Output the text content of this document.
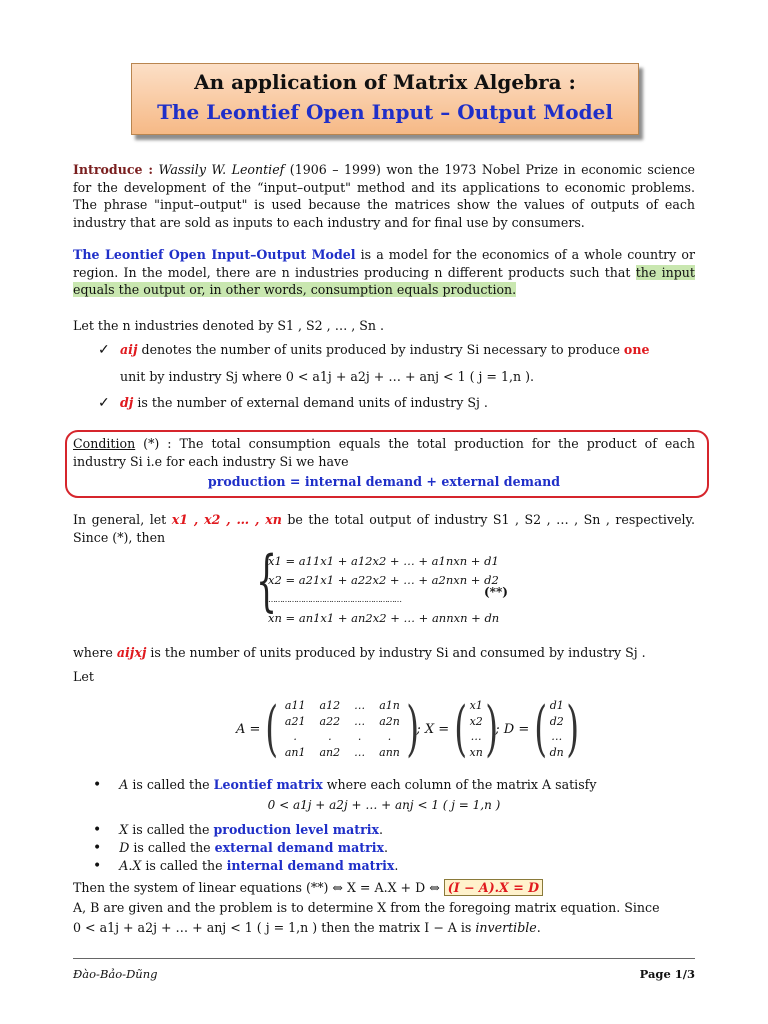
An application of Matrix Algebra :
The Leontief Open Input – Output Model

Introduce : Wassily W. Leontief (1906 – 1999) won the 1973 Nobel Prize in economic science for the development of the “input–output" method and its applications to economic problems. The phrase "input–output" is used because the matrices show the values of outputs of each industry that are sold as inputs to each industry and for final use by consumers.

The Leontief Open Input–Output Model is a model for the economics of a whole country or region. In the model, there are n industries producing n different products such that the input equals the output or, in other words, consumption equals production.

Let the n industries denoted by S1 , S2 , … , Sn .
✓ aij denotes the number of units produced by industry Si necessary to produce one
unit by industry Sj where 0 < a1j + a2j + … + anj < 1 ( j = 1,n ).
✓ dj is the number of external demand units of industry Sj .

Condition (*) : The total consumption equals the total production for the product of each industry Si i.e for each industry Si we have

production = internal demand + external demand

In general, let x1 , x2 , … , xn be the total output of industry S1 , S2 , … , Sn , respectively. Since (*), then

{
x1 = a11x1 + a12x2 + … + a1nxn + d1
x2 = a21x1 + a22x2 + … + a2nxn + d2
…………………………………………………
xn = an1x1 + an2x2 + … + annxn + dn
(**)

where aijxj is the number of units produced by industry Si and consumed by industry Sj .

Let
A = ( a11	a12	…	a1n
a21	a22	…	a2n
.	.	.	.
an1	an2	…	ann )
; X = ( x1
x2
…
xn )
; D = ( d1
d2
…
dn )
• A is called the Leontief matrix where each column of the matrix A satisfy
0 < a1j + a2j + … + anj < 1 ( j = 1,n )
• X is called the production level matrix.
• D is called the external demand matrix.
• A.X is called the internal demand matrix.
Then the system of linear equations (**) ⇔ X = A.X + D ⇔ (I − A).X = D
A, B are given and the problem is to determine X from the foregoing matrix equation. Since
0 < a1j + a2j + … + anj < 1 ( j = 1,n ) then the matrix I − A is invertible.
Đào-Bảo-Dũng	Page 1/3
